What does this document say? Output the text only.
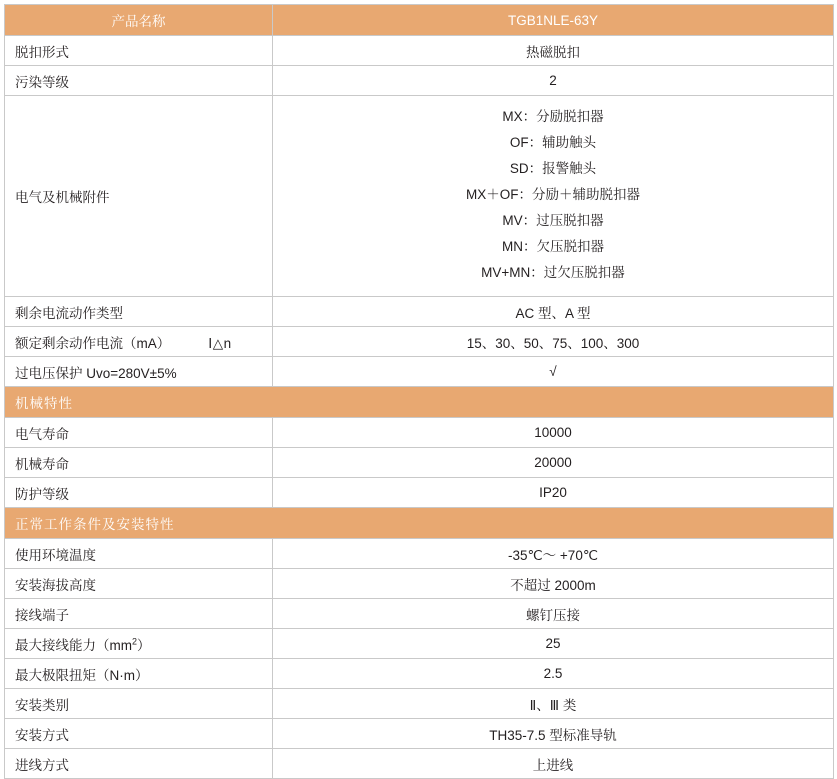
产品名称	TGB1NLE-63Y
脱扣形式	热磁脱扣
污染等级	2
电气及机械附件	
MX：分励脱扣器
OF：辅助触头
SD：报警触头
MX＋OF：分励＋辅助脱扣器
MV：过压脱扣器
MN：欠压脱扣器
MV+MN：过欠压脱扣器

剩余电流动作类型	AC 型、A 型
额定剩余动作电流（mA） Ⅰ△n	15、30、50、75、100、300
过电压保护 Uvo=280V±5%	√
机械特性	
电气寿命	10000
机械寿命	20000
防护等级	IP20
正常工作条件及安装特性	
使用环境温度	-35℃～ +70℃
安装海拔高度	不超过 2000m
接线端子	螺钉压接
最大接线能力$(mm^2)$	25
最大极限扭矩（N·m）	2.5
安装类别	Ⅱ、Ⅲ 类
安装方式	TH35-7.5 型标准导轨
进线方式	上进线
